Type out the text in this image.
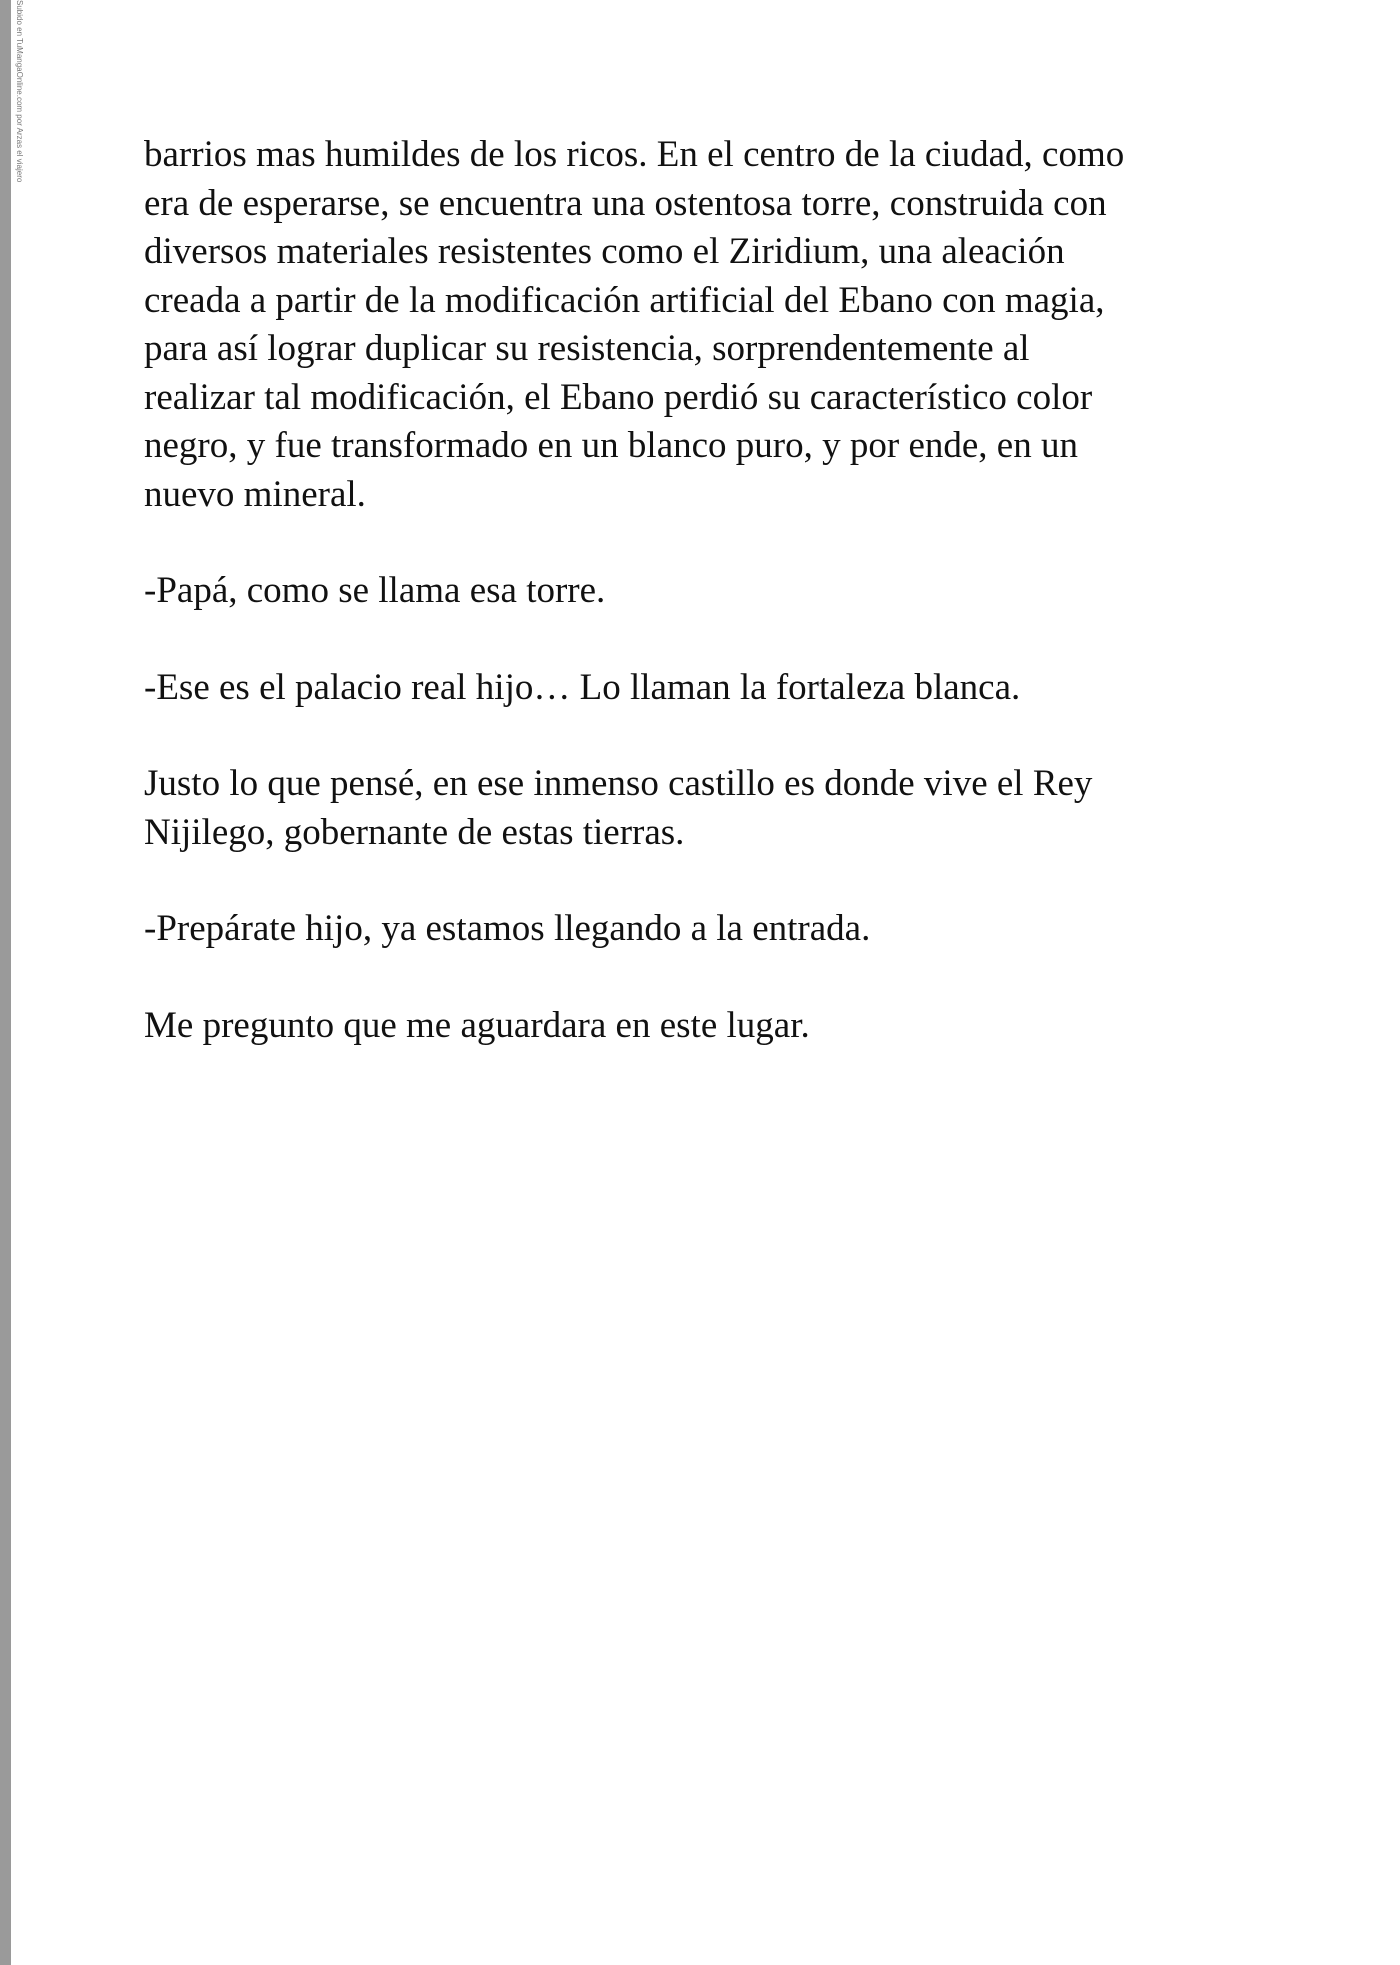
Subido en TuMangaOnline.com por Arzas el viajero	barrios mas humildes de los ricos. En el centro de la ciudad, como
era de esperarse, se encuentra una ostentosa torre, construida con
diversos materiales resistentes como el Ziridium, una aleación
creada a partir de la modificación artificial del Ebano con magia,
para así lograr duplicar su resistencia, sorprendentemente al
realizar tal modificación, el Ebano perdió su característico color
negro, y fue transformado en un blanco puro, y por ende, en un
nuevo mineral.

-Papá, como se llama esa torre.

-Ese es el palacio real hijo… Lo llaman la fortaleza blanca.

Justo lo que pensé, en ese inmenso castillo es donde vive el Rey
Nijilego, gobernante de estas tierras.

-Prepárate hijo, ya estamos llegando a la entrada.

Me pregunto que me aguardara en este lugar.
